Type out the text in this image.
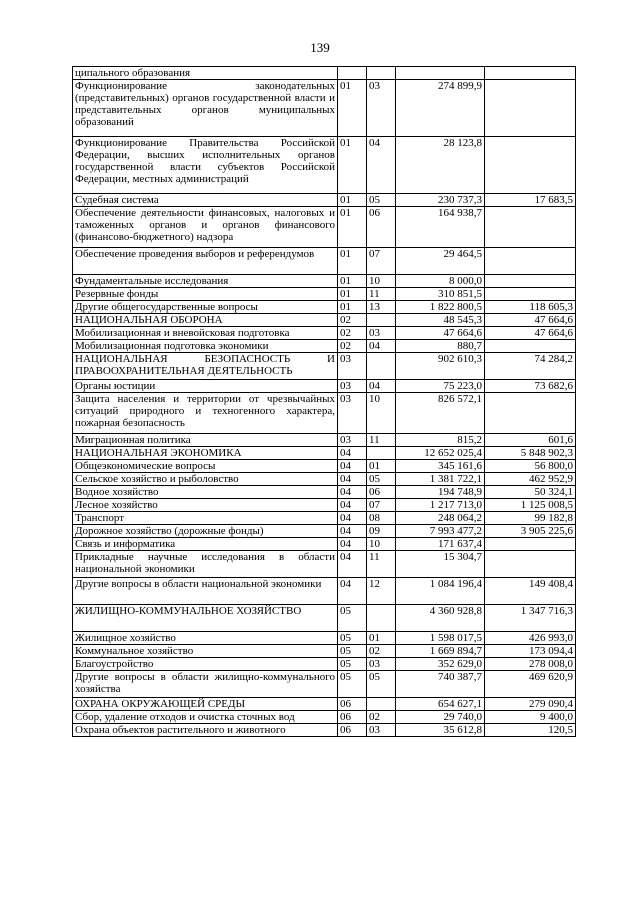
139
ципального образования				
Функционирование законодательных (представительных) органов государственной власти и представительных органов муниципальных образований	01	03	274 899,9	
Функционирование Правительства Российской Федерации, высших исполнительных органов государственной власти субъектов Российской Федерации, местных администраций	01	04	28 123,8	
Судебная система	01	05	230 737,3	17 683,5
Обеспечение деятельности финансовых, налоговых и таможенных органов и органов финансового (финансово-бюджетного) надзора	01	06	164 938,7	
Обеспечение проведения выборов и референдумов	01	07	29 464,5	
Фундаментальные исследования	01	10	8 000,0	
Резервные фонды	01	11	310 851,5	
Другие общегосударственные вопросы	01	13	1 822 800,5	118 605,3
НАЦИОНАЛЬНАЯ ОБОРОНА	02		48 545,3	47 664,6
Мобилизационная и вневойсковая подготовка	02	03	47 664,6	47 664,6
Мобилизационная подготовка экономики	02	04	880,7	
НАЦИОНАЛЬНАЯ БЕЗОПАСНОСТЬ И ПРАВООХРАНИТЕЛЬНАЯ ДЕЯТЕЛЬНОСТЬ	03		902 610,3	74 284,2
Органы юстиции	03	04	75 223,0	73 682,6
Защита населения и территории от чрезвычайных ситуаций природного и техногенного характера, пожарная безопасность	03	10	826 572,1	
Миграционная политика	03	11	815,2	601,6
НАЦИОНАЛЬНАЯ ЭКОНОМИКА	04		12 652 025,4	5 848 902,3
Общеэкономические вопросы	04	01	345 161,6	56 800,0
Сельское хозяйство и рыболовство	04	05	1 381 722,1	462 952,9
Водное хозяйство	04	06	194 748,9	50 324,1
Лесное хозяйство	04	07	1 217 713,0	1 125 008,5
Транспорт	04	08	248 064,2	99 182,8
Дорожное хозяйство (дорожные фонды)	04	09	7 993 477,2	3 905 225,6
Связь и информатика	04	10	171 637,4	
Прикладные научные исследования в области национальной экономики	04	11	15 304,7	
Другие вопросы в области национальной экономики	04	12	1 084 196,4	149 408,4
ЖИЛИЩНО-КОММУНАЛЬНОЕ ХОЗЯЙСТВО	05		4 360 928,8	1 347 716,3
Жилищное хозяйство	05	01	1 598 017,5	426 993,0
Коммунальное хозяйство	05	02	1 669 894,7	173 094,4
Благоустройство	05	03	352 629,0	278 008,0
Другие вопросы в области жилищно-коммунального хозяйства	05	05	740 387,7	469 620,9
ОХРАНА ОКРУЖАЮЩЕЙ СРЕДЫ	06		654 627,1	279 090,4
Сбор, удаление отходов и очистка сточных вод	06	02	29 740,0	9 400,0
Охрана объектов растительного и животного	06	03	35 612,8	120,5
